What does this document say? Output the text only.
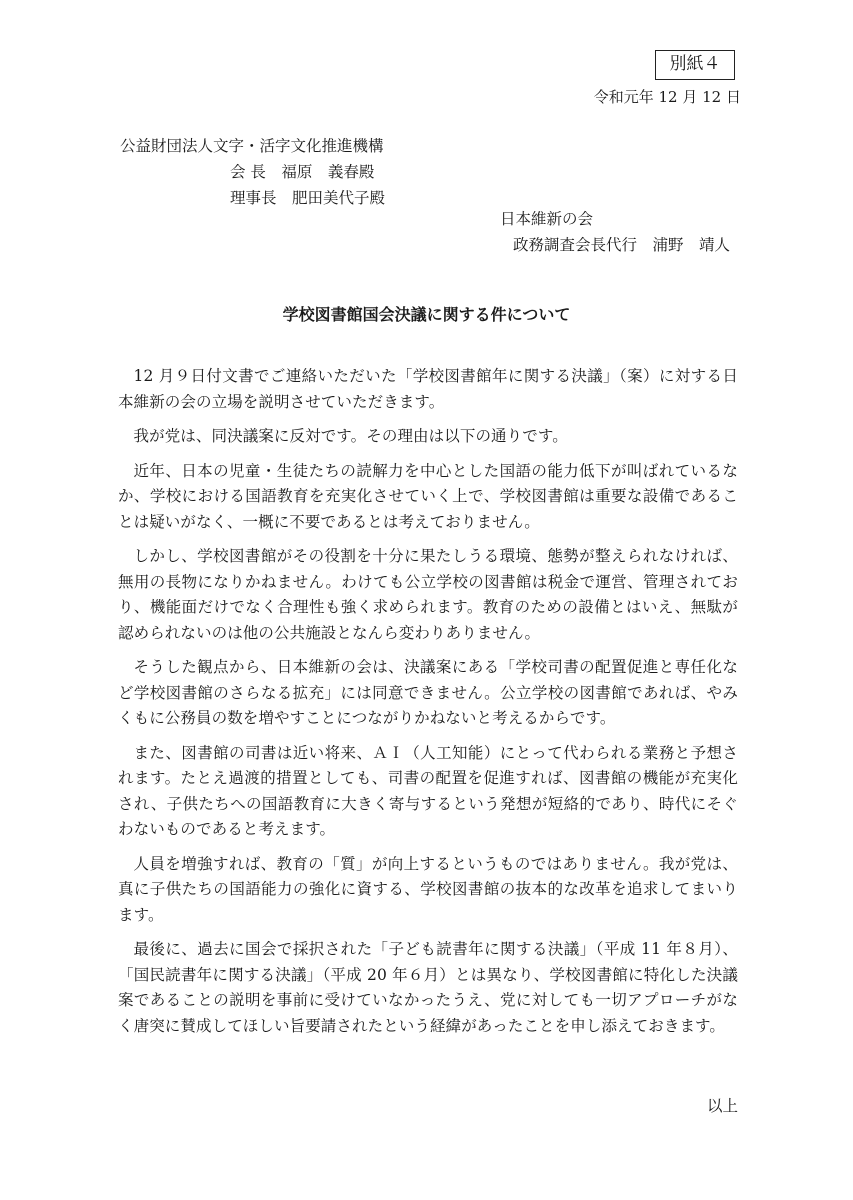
別紙４
令和元年 12 月 12 日
公益財団法人文字・活字文化推進機構
会 長　福原　義春殿
理事長　肥田美代子殿
日本維新の会
政務調査会長代行　浦野　靖人
学校図書館国会決議に関する件について

12 月９日付文書でご連絡いただいた「学校図書館年に関する決議」（案）に対する日本維新の会の立場を説明させていただきます。

我が党は、同決議案に反対です。その理由は以下の通りです。

近年、日本の児童・生徒たちの読解力を中心とした国語の能力低下が叫ばれているなか、学校における国語教育を充実化させていく上で、学校図書館は重要な設備であることは疑いがなく、一概に不要であるとは考えておりません。

しかし、学校図書館がその役割を十分に果たしうる環境、態勢が整えられなければ、無用の長物になりかねません。わけても公立学校の図書館は税金で運営、管理されており、機能面だけでなく合理性も強く求められます。教育のための設備とはいえ、無駄が認められないのは他の公共施設となんら変わりありません。

そうした観点から、日本維新の会は、決議案にある「学校司書の配置促進と専任化など学校図書館のさらなる拡充」には同意できません。公立学校の図書館であれば、やみくもに公務員の数を増やすことにつながりかねないと考えるからです。

また、図書館の司書は近い将来、ＡＩ（人工知能）にとって代わられる業務と予想されます。たとえ過渡的措置としても、司書の配置を促進すれば、図書館の機能が充実化され、子供たちへの国語教育に大きく寄与するという発想が短絡的であり、時代にそぐわないものであると考えます。

人員を増強すれば、教育の「質」が向上するというものではありません。我が党は、真に子供たちの国語能力の強化に資する、学校図書館の抜本的な改革を追求してまいります。

最後に、過去に国会で採択された「子ども読書年に関する決議」（平成 11 年８月）、「国民読書年に関する決議」（平成 20 年６月）とは異なり、学校図書館に特化した決議案であることの説明を事前に受けていなかったうえ、党に対しても一切アプローチがなく唐突に賛成してほしい旨要請されたという経緯があったことを申し添えておきます。

以上
